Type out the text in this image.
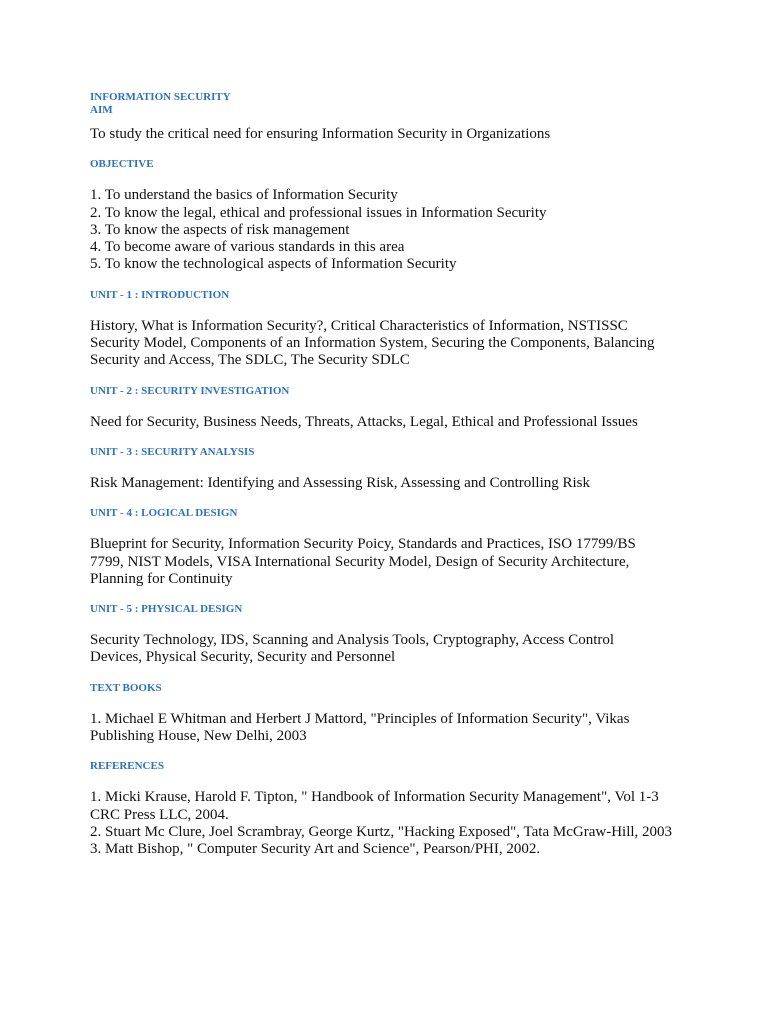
INFORMATION SECURITY

AIM

To study the critical need for ensuring Information Security in Organizations

OBJECTIVE

1. To understand the basics of Information Security
2. To know the legal, ethical and professional issues in Information Security
3. To know the aspects of risk management
4. To become aware of various standards in this area
5. To know the technological aspects of Information Security

UNIT - 1 : INTRODUCTION

History, What is Information Security?, Critical Characteristics of Information, NSTISSC

Security Model, Components of an Information System, Securing the Components, Balancing

Security and Access, The SDLC, The Security SDLC

UNIT - 2 : SECURITY INVESTIGATION

Need for Security, Business Needs, Threats, Attacks, Legal, Ethical and Professional Issues

UNIT - 3 : SECURITY ANALYSIS

Risk Management: Identifying and Assessing Risk, Assessing and Controlling Risk

UNIT - 4 : LOGICAL DESIGN

Blueprint for Security, Information Security Poicy, Standards and Practices, ISO 17799/BS

7799, NIST Models, VISA International Security Model, Design of Security Architecture,

Planning for Continuity

UNIT - 5 : PHYSICAL DESIGN

Security Technology, IDS, Scanning and Analysis Tools, Cryptography, Access Control

Devices, Physical Security, Security and Personnel

TEXT BOOKS

1. Michael E Whitman and Herbert J Mattord, "Principles of Information Security", Vikas

Publishing House, New Delhi, 2003

REFERENCES

1. Micki Krause, Harold F. Tipton, " Handbook of Information Security Management", Vol 1-3

CRC Press LLC, 2004.

2. Stuart Mc Clure, Joel Scrambray, George Kurtz, "Hacking Exposed", Tata McGraw-Hill, 2003

3. Matt Bishop, " Computer Security Art and Science", Pearson/PHI, 2002.
